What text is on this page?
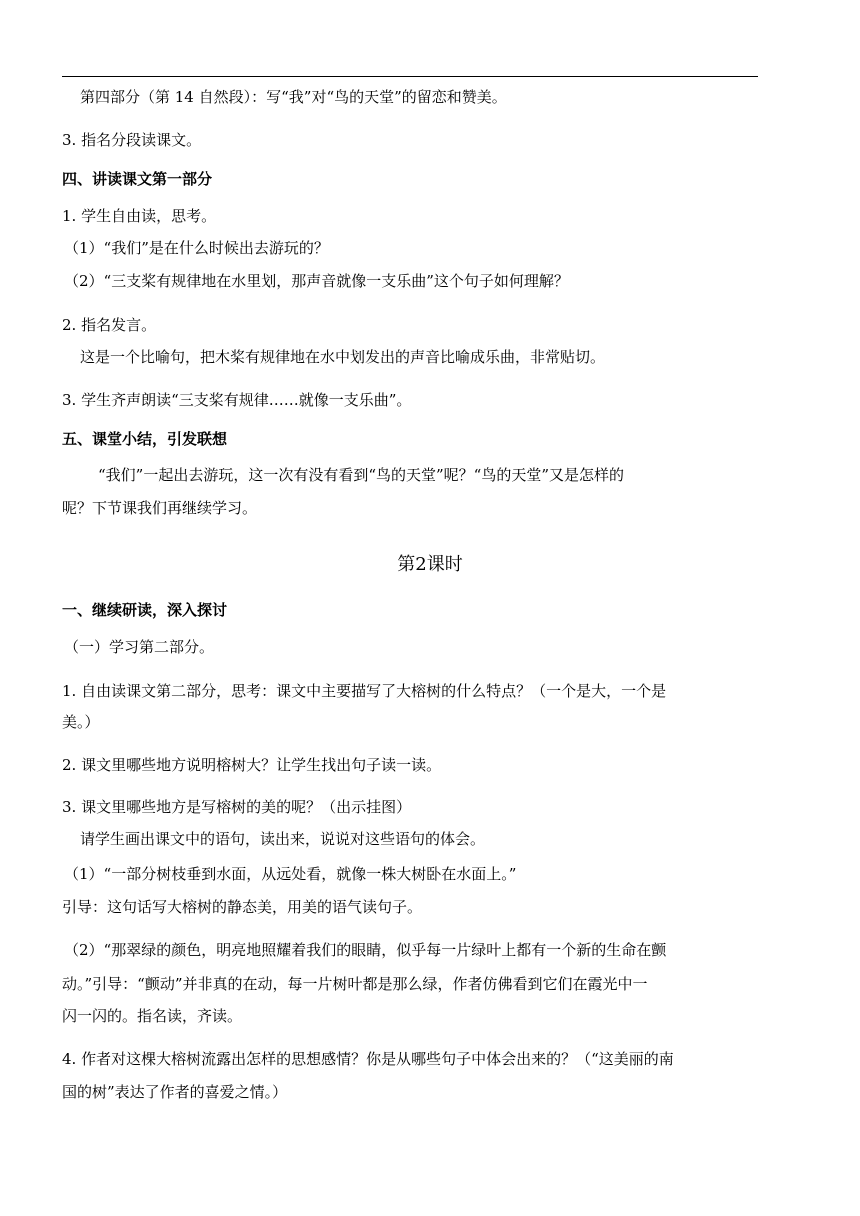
第四部分（第 14 自然段）：写“我”对“鸟的天堂”的留恋和赞美。
3. 指名分段读课文。
四、讲读课文第一部分
1. 学生自由读，思考。
（1）“我们”是在什么时候出去游玩的？
（2）“三支桨有规律地在水里划，那声音就像一支乐曲”这个句子如何理解？
2. 指名发言。
这是一个比喻句，把木桨有规律地在水中划发出的声音比喻成乐曲，非常贴切。
3. 学生齐声朗读“三支桨有规律……就像一支乐曲”。
五、课堂小结，引发联想
“我们”一起出去游玩，这一次有没有看到“鸟的天堂”呢？“鸟的天堂”又是怎样的
呢？下节课我们再继续学习。
第2课时
一、继续研读，深入探讨
（一）学习第二部分。
1. 自由读课文第二部分，思考：课文中主要描写了大榕树的什么特点？（一个是大，一个是
美。）
2. 课文里哪些地方说明榕树大？让学生找出句子读一读。
3. 课文里哪些地方是写榕树的美的呢？（出示挂图）
请学生画出课文中的语句，读出来，说说对这些语句的体会。
（1）“一部分树枝垂到水面，从远处看，就像一株大树卧在水面上。”
引导：这句话写大榕树的静态美，用美的语气读句子。
（2）“那翠绿的颜色，明亮地照耀着我们的眼睛，似乎每一片绿叶上都有一个新的生命在颤
动。”引导：“颤动”并非真的在动，每一片树叶都是那么绿，作者仿佛看到它们在霞光中一
闪一闪的。指名读，齐读。
4. 作者对这棵大榕树流露出怎样的思想感情？你是从哪些句子中体会出来的？（“这美丽的南
国的树”表达了作者的喜爱之情。）
